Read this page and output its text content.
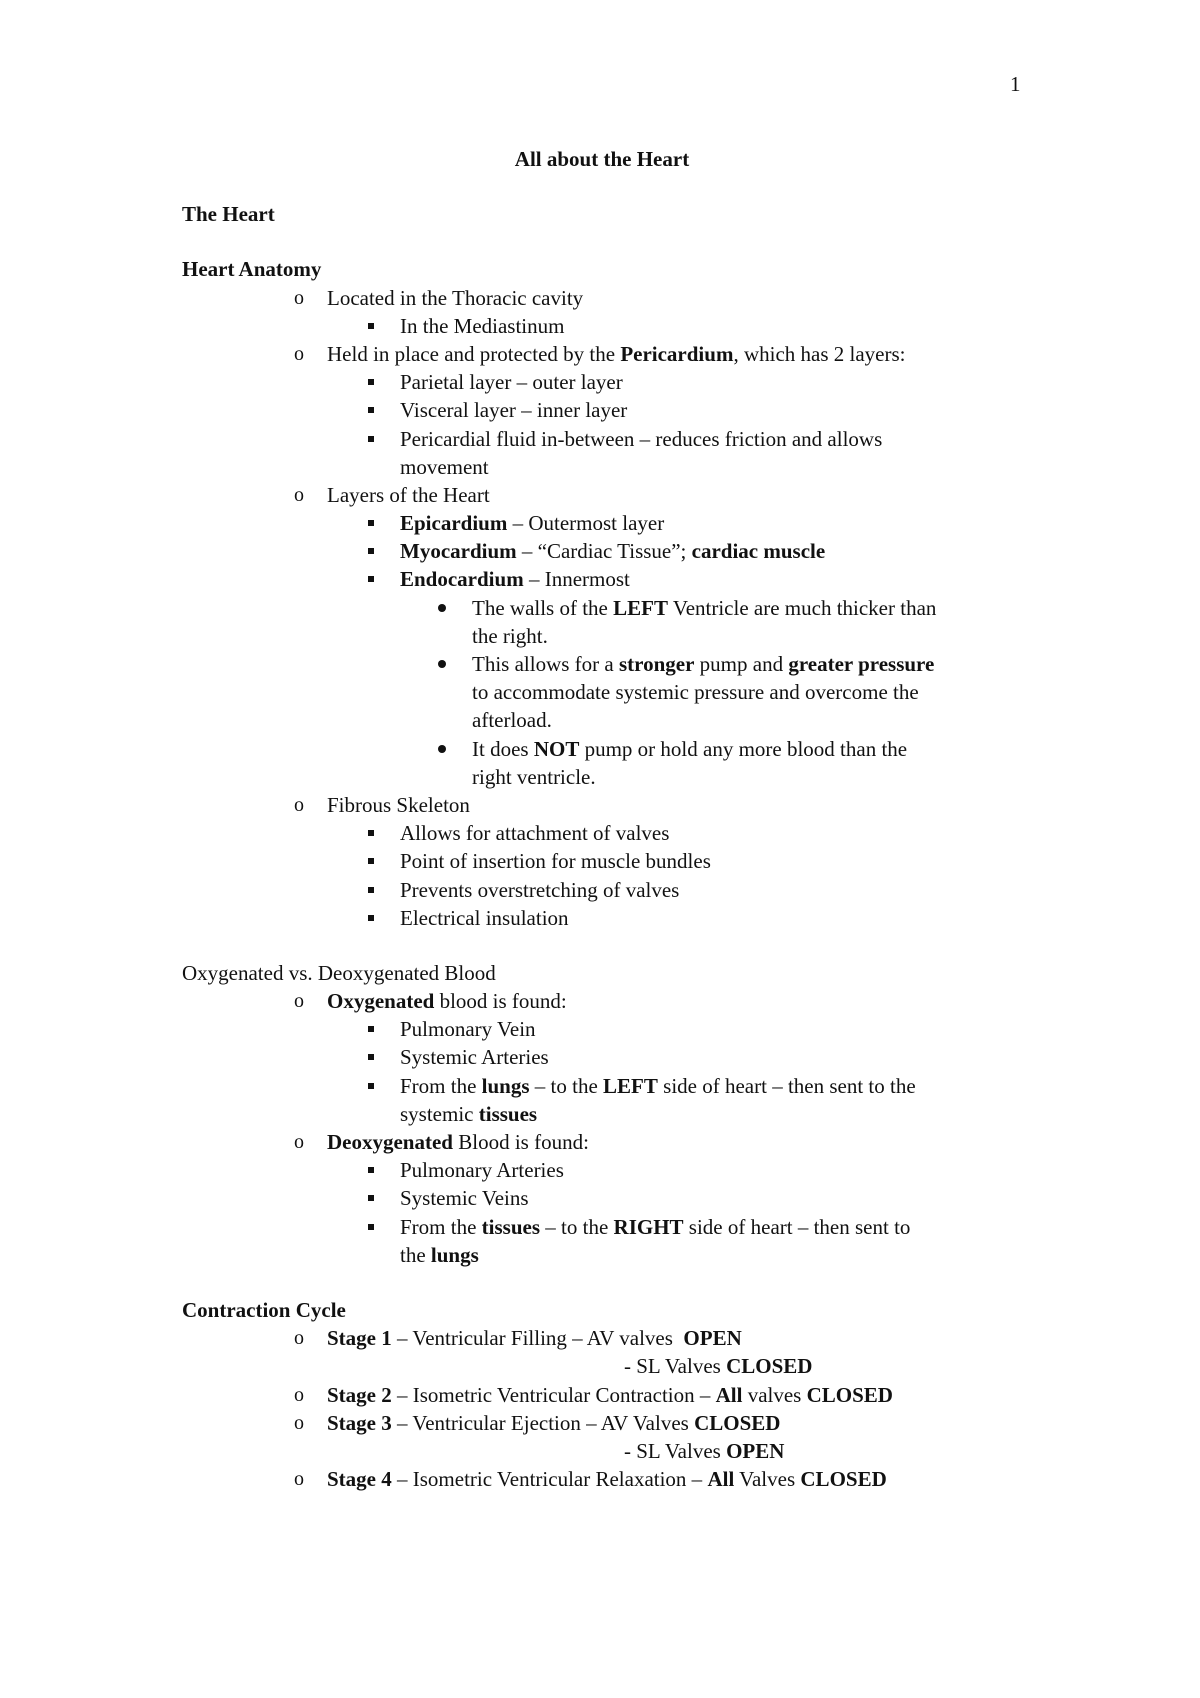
1
All about the Heart
The Heart
Heart Anatomy
o Located in the Thoracic cavity
In the Mediastinum
o Held in place and protected by the Pericardium, which has 2 layers:
Parietal layer – outer layer
Visceral layer – inner layer
Pericardial fluid in-between – reduces friction and allows
movement
o Layers of the Heart
Epicardium – Outermost layer
Myocardium – “Cardiac Tissue”; cardiac muscle
Endocardium – Innermost
The walls of the LEFT Ventricle are much thicker than
the right.
This allows for a stronger pump and greater pressure
to accommodate systemic pressure and overcome the
afterload.
It does NOT pump or hold any more blood than the
right ventricle.
o Fibrous Skeleton
Allows for attachment of valves
Point of insertion for muscle bundles
Prevents overstretching of valves
Electrical insulation
Oxygenated vs. Deoxygenated Blood
o Oxygenated blood is found:
Pulmonary Vein
Systemic Arteries
From the lungs – to the LEFT side of heart – then sent to the
systemic tissues
o Deoxygenated Blood is found:
Pulmonary Arteries
Systemic Veins
From the tissues – to the RIGHT side of heart – then sent to
the lungs
Contraction Cycle
o Stage 1 – Ventricular Filling – AV valves  OPEN
- SL Valves CLOSED
o Stage 2 – Isometric Ventricular Contraction – All valves CLOSED
o Stage 3 – Ventricular Ejection – AV Valves CLOSED
- SL Valves OPEN
o Stage 4 – Isometric Ventricular Relaxation – All Valves CLOSED
